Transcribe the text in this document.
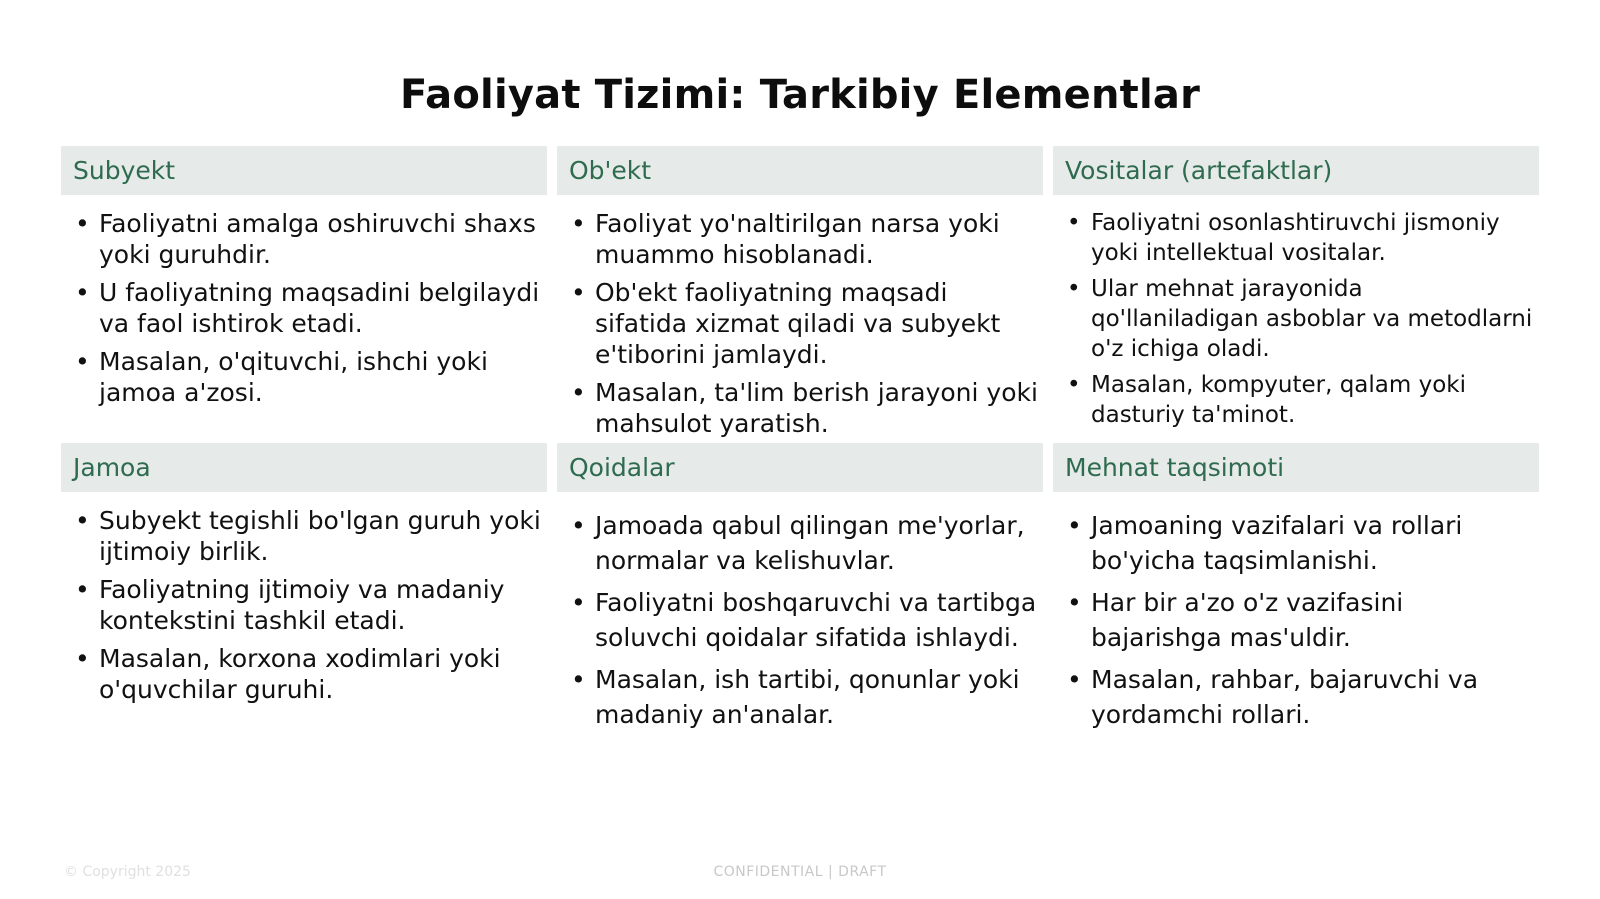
Faoliyat Tizimi: Tarkibiy Elementlar
Subyekt
• Faoliyatni amalga oshiruvchi shaxs yoki guruhdir.
• U faoliyatning maqsadini belgilaydi va faol ishtirok etadi.
• Masalan, o'qituvchi, ishchi yoki jamoa a'zosi.
Ob'ekt
• Faoliyat yo'naltirilgan narsa yoki muammo hisoblanadi.
• Ob'ekt faoliyatning maqsadi sifatida xizmat qiladi va subyekt e'tiborini jamlaydi.
• Masalan, ta'lim berish jarayoni yoki mahsulot yaratish.
Vositalar (artefaktlar)
• Faoliyatni osonlashtiruvchi jismoniy yoki intellektual vositalar.
• Ular mehnat jarayonida qo'llaniladigan asboblar va metodlarni o'z ichiga oladi.
• Masalan, kompyuter, qalam yoki dasturiy ta'minot.
Jamoa
• Subyekt tegishli bo'lgan guruh yoki ijtimoiy birlik.
• Faoliyatning ijtimoiy va madaniy kontekstini tashkil etadi.
• Masalan, korxona xodimlari yoki o'quvchilar guruhi.
Qoidalar
• Jamoada qabul qilingan me'yorlar, normalar va kelishuvlar.
• Faoliyatni boshqaruvchi va tartibga soluvchi qoidalar sifatida ishlaydi.
• Masalan, ish tartibi, qonunlar yoki madaniy an'analar.
Mehnat taqsimoti
• Jamoaning vazifalari va rollari bo'yicha taqsimlanishi.
• Har bir a'zo o'z vazifasini bajarishga mas'uldir.
• Masalan, rahbar, bajaruvchi va yordamchi rollari.
© Copyright 2025	CONFIDENTIAL | DRAFT
